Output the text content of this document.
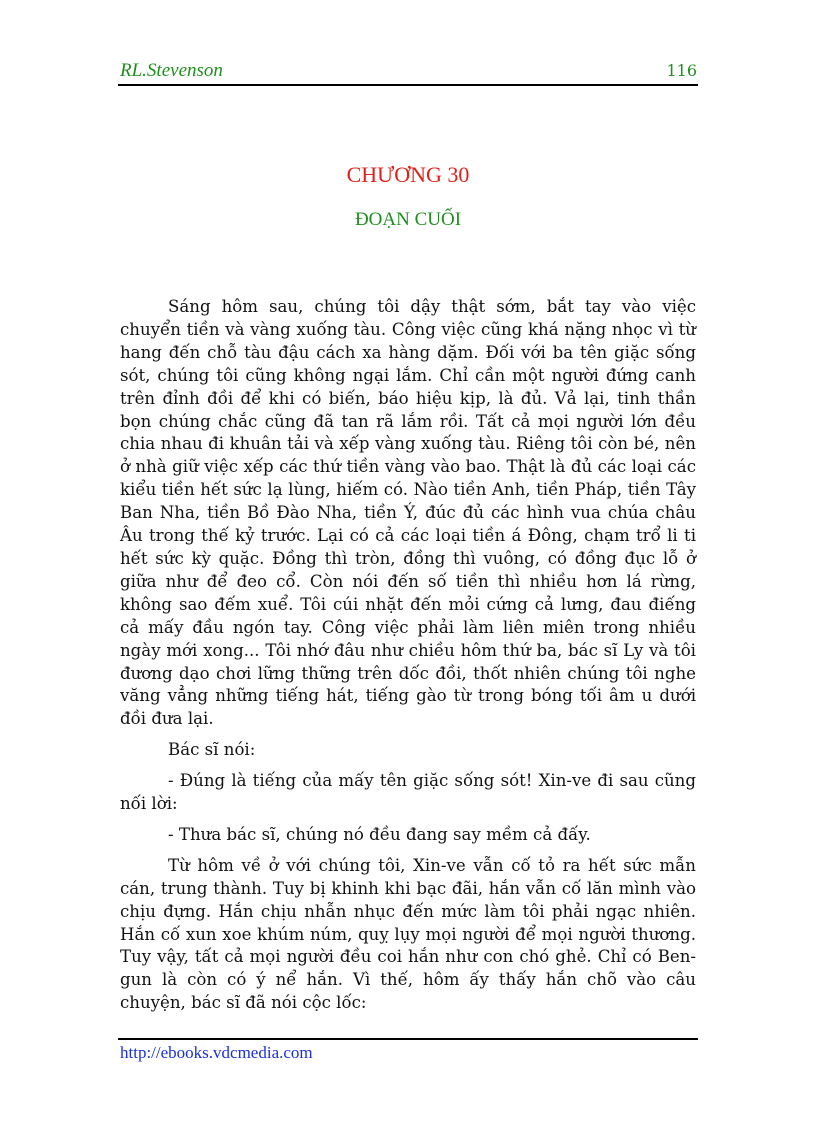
RL.Stevenson	116
CHƯƠNG 30
ĐOẠN CUỐI

Sáng hôm sau, chúng tôi dậy thật sớm, bắt tay vào việc chuyển tiền và vàng xuống tàu. Công việc cũng khá nặng nhọc vì từ hang đến chỗ tàu đậu cách xa hàng dặm. Đối với ba tên giặc sống sót, chúng tôi cũng không ngại lắm. Chỉ cần một người đứng canh trên đỉnh đồi để khi có biến, báo hiệu kịp, là đủ. Vả lại, tinh thần bọn chúng chắc cũng đã tan rã lắm rồi. Tất cả mọi người lớn đều chia nhau đi khuân tải và xếp vàng xuống tàu. Riêng tôi còn bé, nên ở nhà giữ việc xếp các thứ tiền vàng vào bao. Thật là đủ các loại các kiểu tiền hết sức lạ lùng, hiếm có. Nào tiền Anh, tiền Pháp, tiền Tây Ban Nha, tiền Bồ Đào Nha, tiền Ý, đúc đủ các hình vua chúa châu Âu trong thế kỷ trước. Lại có cả các loại tiền á Đông, chạm trổ li ti hết sức kỳ quặc. Đồng thì tròn, đồng thì vuông, có đồng đục lỗ ở giữa như để đeo cổ. Còn nói đến số tiền thì nhiều hơn lá rừng, không sao đếm xuể. Tôi cúi nhặt đến mỏi cứng cả lưng, đau điếng cả mấy đầu ngón tay. Công việc phải làm liên miên trong nhiều ngày mới xong... Tôi nhớ đâu như chiều hôm thứ ba, bác sĩ Ly và tôi đương dạo chơi lững thững trên dốc đồi, thốt nhiên chúng tôi nghe văng vẳng những tiếng hát, tiếng gào từ trong bóng tối âm u dưới đồi đưa lại.

Bác sĩ nói:

- Đúng là tiếng của mấy tên giặc sống sót! Xin-ve đi sau cũng nối lời:

- Thưa bác sĩ, chúng nó đều đang say mềm cả đấy.

Từ hôm về ở với chúng tôi, Xin-ve vẫn cố tỏ ra hết sức mẫn cán, trung thành. Tuy bị khinh khi bạc đãi, hắn vẫn cố lăn mình vào chịu đựng. Hắn chịu nhẫn nhục đến mức làm tôi phải ngạc nhiên. Hắn cố xun xoe khúm núm, quỵ lụy mọi người để mọi người thương. Tuy vậy, tất cả mọi người đều coi hắn như con chó ghẻ. Chỉ có Ben-gun là còn có ý nể hắn. Vì thế, hôm ấy thấy hắn chõ vào câu chuyện, bác sĩ đã nói cộc lốc:

http://ebooks.vdcmedia.com
